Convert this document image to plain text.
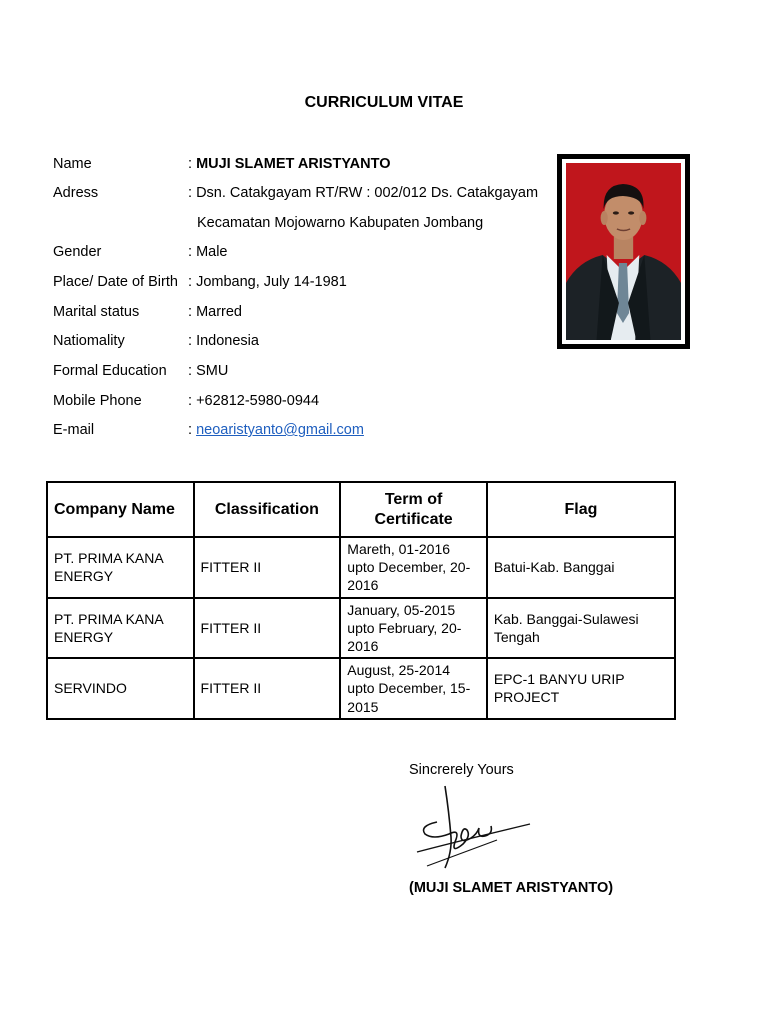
CURRICULUM VITAE
Name	: MUJI SLAMET ARISTYANTO
Adress	: Dsn. Catakgayam RT/RW : 002/012 Ds. Catakgayam
Kecamatan Mojowarno Kabupaten Jombang
Gender	: Male
Place/ Date of Birth : Jombang, July 14-1981
Marital status	: Marred
Natiomality	: Indonesia
Formal Education : SMU
Mobile Phone	: +62812-5980-0944
E-mail	: neoaristyanto@gmail.com
Company Name	Classification	Term of Certificate	Flag
PT. PRIMA KANA ENERGY	FITTER II	Mareth, 01-2016 upto December, 20-2016	Batui-Kab. Banggai
PT. PRIMA KANA ENERGY	FITTER II	January, 05-2015 upto February, 20-2016	Kab. Banggai-Sulawesi Tengah
SERVINDO	FITTER II	August, 25-2014 upto December, 15-2015	EPC-1 BANYU URIP PROJECT
Sincrerely Yours
(MUJI SLAMET ARISTYANTO)
